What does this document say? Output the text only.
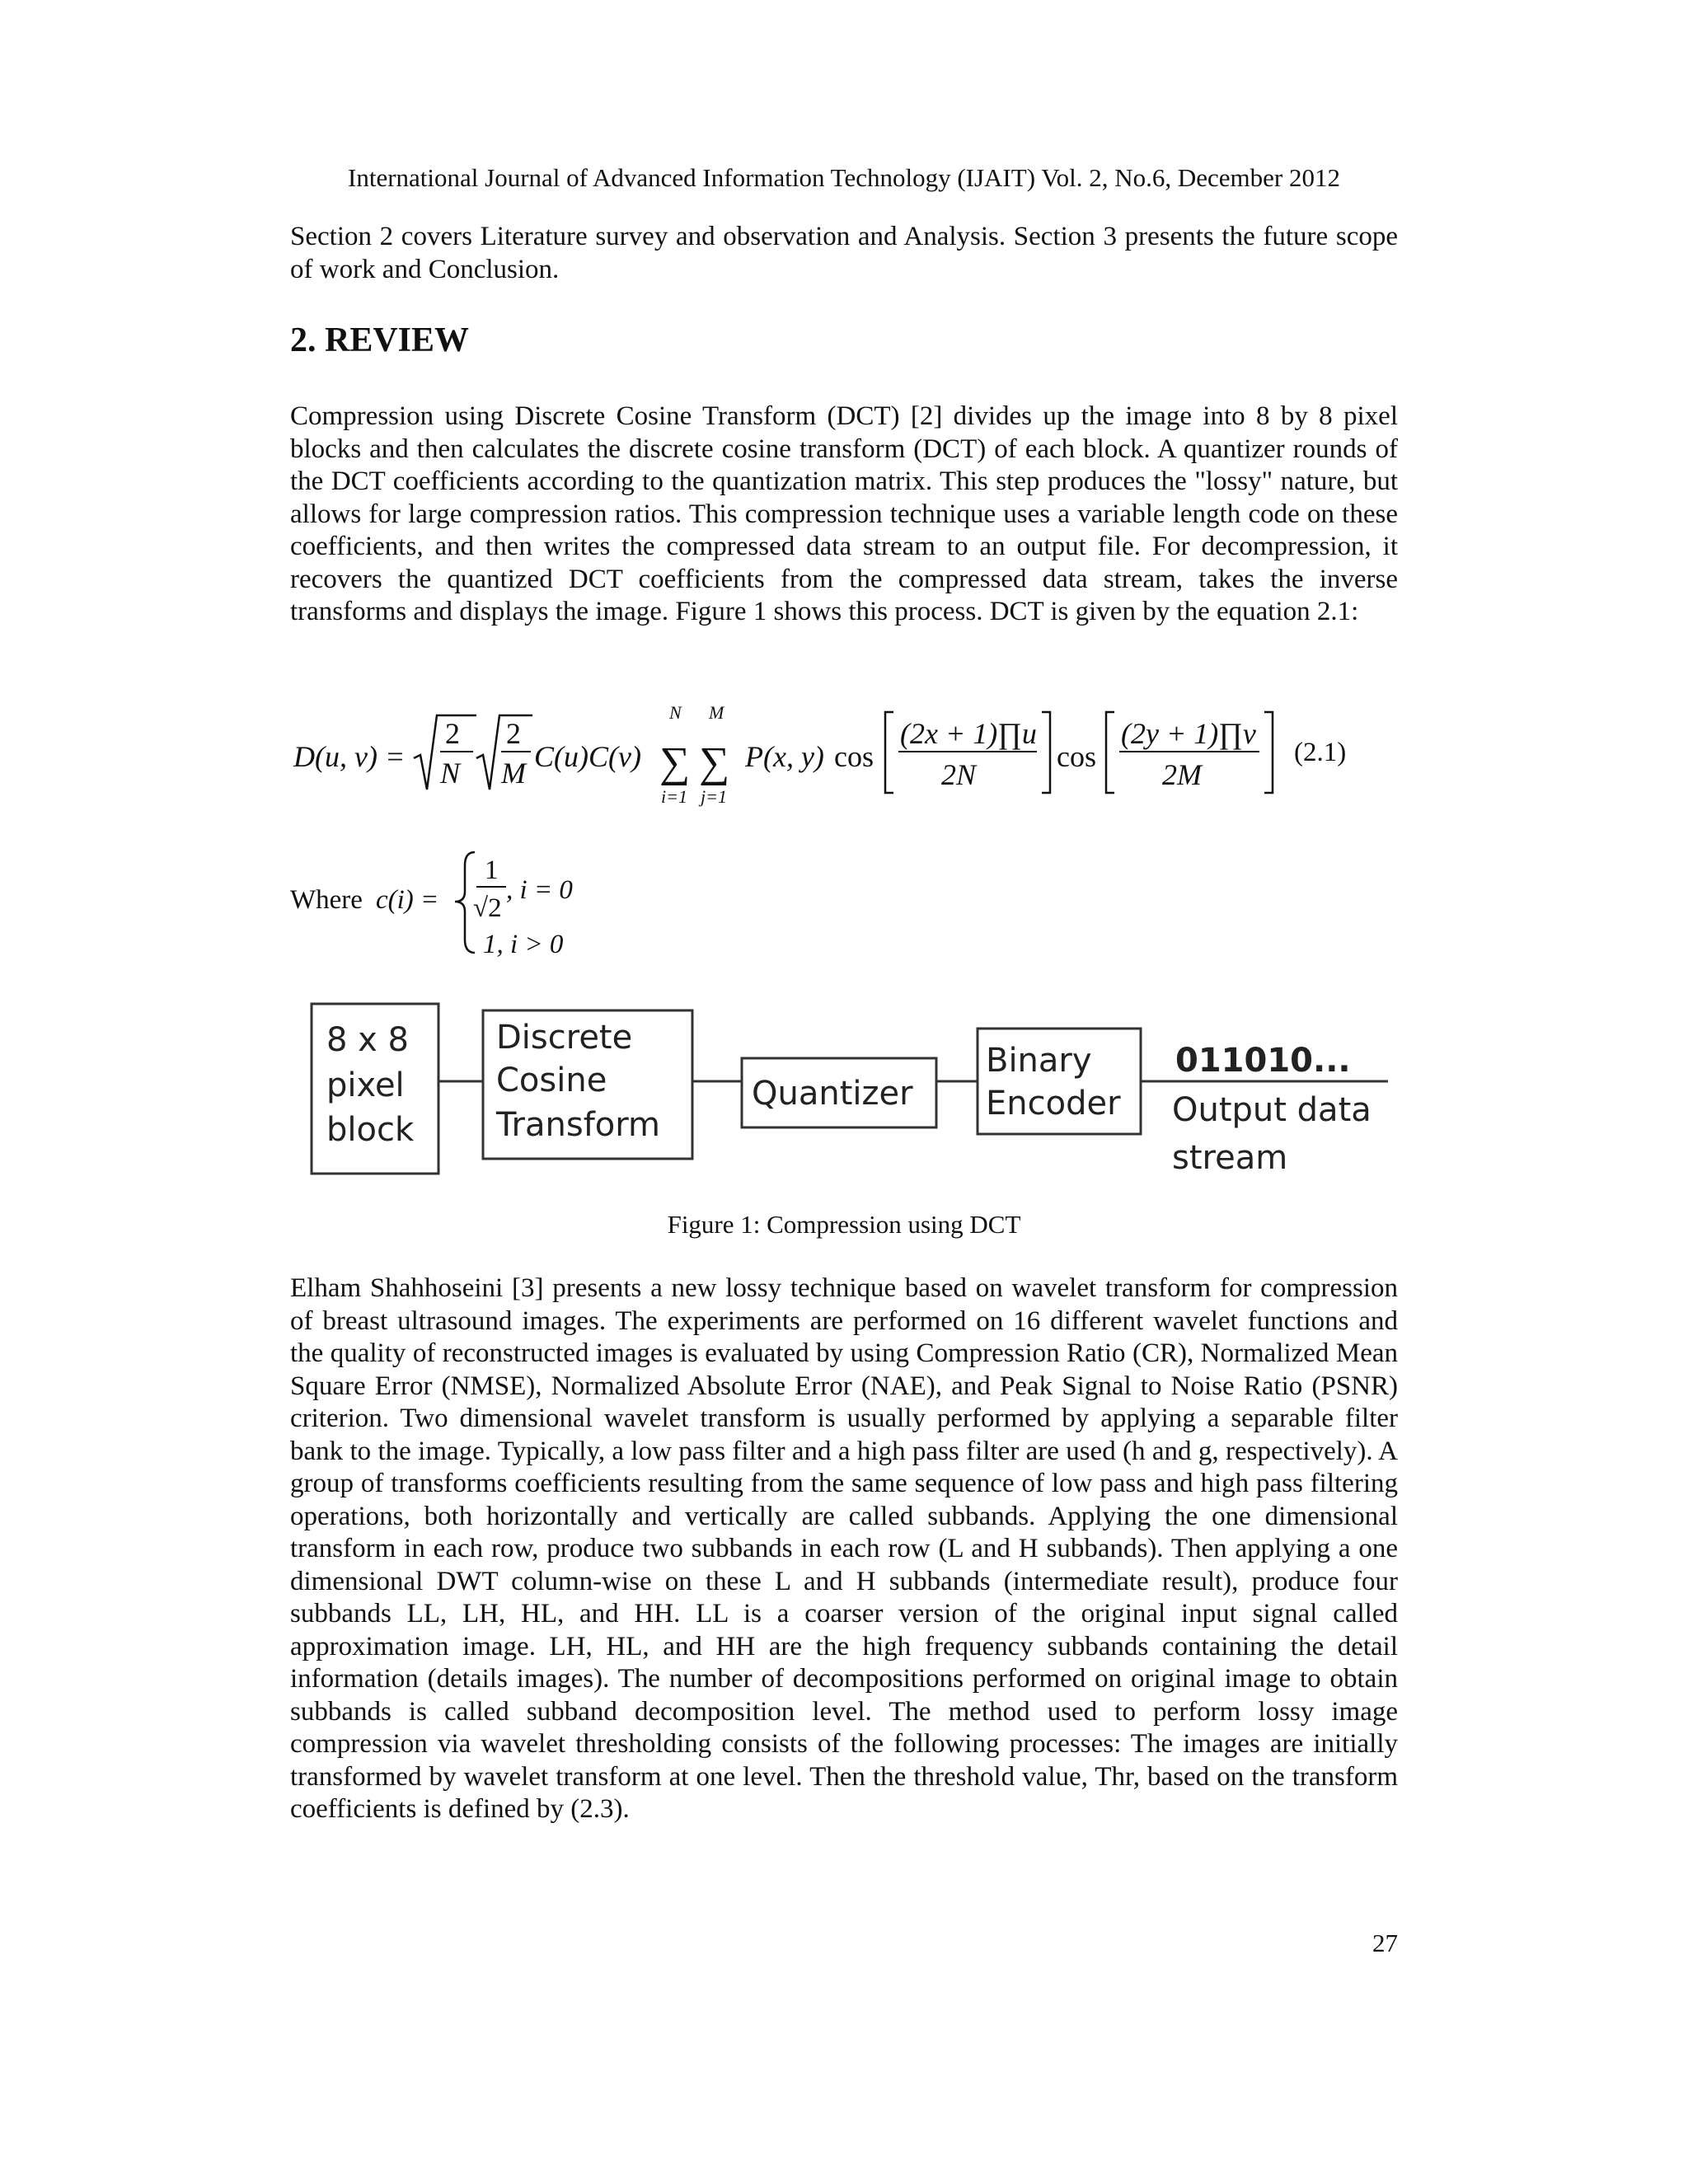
International Journal of Advanced Information Technology (IJAIT) Vol. 2, No.6, December 2012

Section 2 covers Literature survey and observation and Analysis. Section 3 presents the future scope of work and Conclusion.

2. REVIEW

Compression using Discrete Cosine Transform (DCT) [2] divides up the image into 8 by 8 pixel blocks and then calculates the discrete cosine transform (DCT) of each block. A quantizer rounds of the DCT coefficients according to the quantization matrix. This step produces the "lossy" nature, but allows for large compression ratios. This compression technique uses a variable length code on these coefficients, and then writes the compressed data stream to an output file. For decompression, it recovers the quantized DCT coefficients from the compressed data stream, takes the inverse transforms and displays the image. Figure 1 shows this process. DCT is given by the equation 2.1:

D(u, v) =
2
N
2
M C(u)C(v)
N
∑
i=1
M
∑
j=1
P(x, y) cos
(2x + 1)∏u
2N
cos
(2y + 1)∏v
2M
(2.1)
Where c(i) =
1
√2
, i = 0
1, i > 0
8 x 8
pixel
block
Discrete
Cosine
Transform
Quantizer
Binary
Encoder
011010...
Output data
stream
Figure 1: Compression using DCT

Elham Shahhoseini [3] presents a new lossy technique based on wavelet transform for compression of breast ultrasound images. The experiments are performed on 16 different wavelet functions and the quality of reconstructed images is evaluated by using Compression Ratio (CR), Normalized Mean Square Error (NMSE), Normalized Absolute Error (NAE), and Peak Signal to Noise Ratio (PSNR) criterion. Two dimensional wavelet transform is usually performed by applying a separable filter bank to the image. Typically, a low pass filter and a high pass filter are used (h and g, respectively). A group of transforms coefficients resulting from the same sequence of low pass and high pass filtering operations, both horizontally and vertically are called subbands. Applying the one dimensional transform in each row, produce two subbands in each row (L and H subbands). Then applying a one dimensional DWT column-wise on these L and H subbands (intermediate result), produce four subbands LL, LH, HL, and HH. LL is a coarser version of the original input signal called approximation image. LH, HL, and HH are the high frequency subbands containing the detail information (details images). The number of decompositions performed on original image to obtain subbands is called subband decomposition level. The method used to perform lossy image compression via wavelet thresholding consists of the following processes: The images are initially transformed by wavelet transform at one level. Then the threshold value, Thr, based on the transform coefficients is defined by (2.3).

27
